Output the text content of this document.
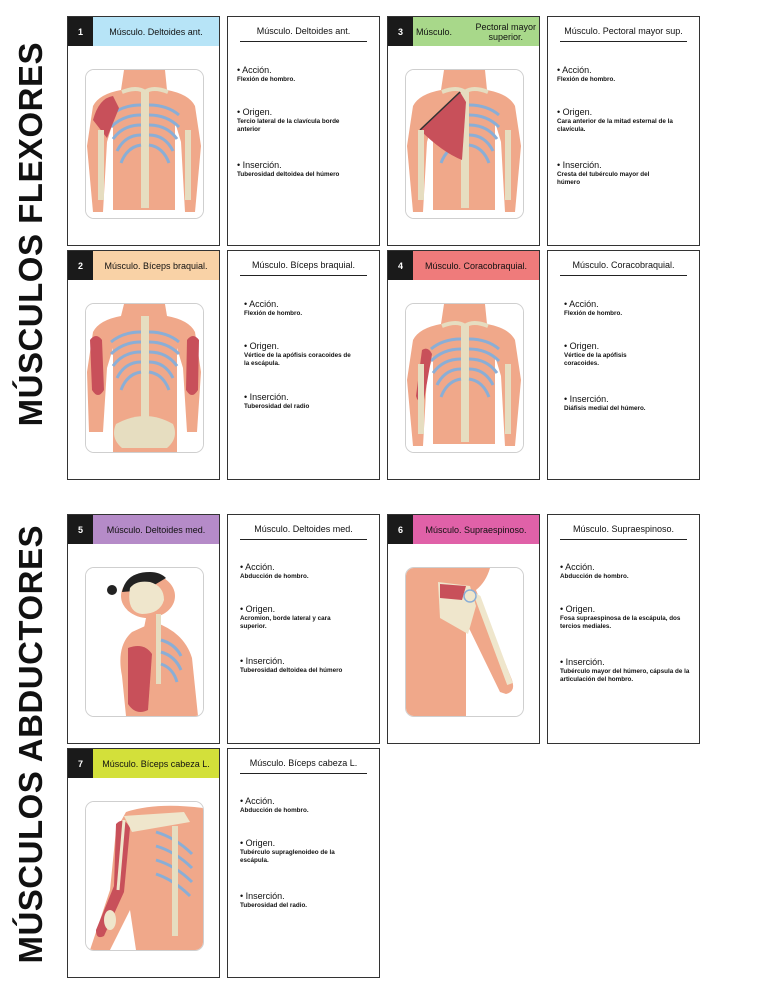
MÚSCULOS FLEXORES
MÚSCULOS ABDUCTORES
1	Músculo. Deltoides ant.	Músculo. Deltoides ant.
• Acción.
Flexión de hombro.
• Origen.
Tercio lateral de la clavícula borde anterior
• Inserción.
Tuberosidad deltoidea del húmero
3	Músculo.	Pectoral mayor
superior.
Músculo. Pectoral mayor sup.
• Acción.
Flexión de hombro.
• Origen.
Cara anterior de la mitad esternal de la clavícula.
• Inserción.
Cresta del tubérculo mayor del húmero
2	Músculo. Bíceps braquial.	Músculo. Bíceps braquial.
• Acción.
Flexión de hombro.
• Origen.
Vértice de la apófisis coracoides de la escápula.
• Inserción.
Tuberosidad del radio
4	Músculo. Coracobraquial.	Músculo. Coracobraquial.
• Acción.
Flexión de hombro.
• Origen.
Vértice de la apófisis coracoides.
• Inserción.
Diáfisis medial del húmero.
5	Músculo. Deltoides med.	Músculo. Deltoides med.
• Acción.
Abducción de hombro.
• Origen.
Acromion, borde lateral y cara superior.
• Inserción.
Tuberosidad deltoidea del húmero
6	Músculo. Supraespinoso.	Músculo. Supraespinoso.
• Acción.
Abducción de hombro.
• Origen.
Fosa supraespinosa de la escápula, dos tercios mediales.
• Inserción.
Tubérculo mayor del húmero, cápsula de la articulación del hombro.
7	Músculo. Bíceps cabeza L.	Músculo. Bíceps cabeza L.
• Acción.
Abducción de hombro.
• Origen.
Tubérculo supraglenoideo de la escápula.
• Inserción.
Tuberosidad del radio.
